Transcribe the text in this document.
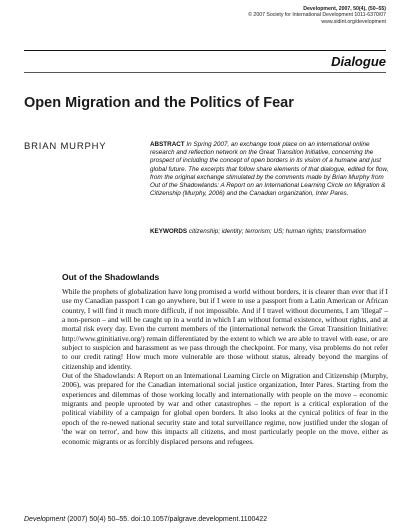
Development, 2007, 50(4), (50–55)
© 2007 Society for International Development 1011-6370/07
www.sidint.org/development
Dialogue
Open Migration and the Politics of Fear
BRIAN MURPHY	ABSTRACT In Spring 2007, an exchange took place on an international online research and reflection network on the Great Transition Initiative, concerning the prospect of including the concept of open borders in its vision of a humane and just global future. The excerpts that follow share elements of that dialogue, edited for flow, from the original exchange stimulated by the comments made by Brian Murphy from Out of the Shadowlands: A Report on an International Learning Circle on Migration & Citizenship (Murphy, 2006) and the Canadian organization, Inter Pares.
KEYWORDS citizenship; identity; terrorism; US; human rights; transformation
Out of the Shadowlands

While the prophets of globalization have long promised a world without borders, it is clearer than ever that if I use my Canadian passport I can go anywhere, but if I were to use a passport from a Latin American or African country, I will find it much more difficult, if not impossible. And if I travel without documents, I am 'illegal' – a non-person – and will be caught up in a world in which I am without formal existence, without rights, and at mortal risk every day. Even the current members of the (international network the Great Transition Initiative: http://www.gtinitiative.org/) remain differentiated by the extent to which we are able to travel with ease, or are subject to suspicion and harassment as we pass through the checkpoint. For many, visa problems do not refer to our credit rating! How much more vulnerable are those without status, already beyond the margins of citizenship and identity.

Out of the Shadowlands: A Report on an International Learning Circle on Migration and Citizenship (Murphy, 2006), was prepared for the Canadian international social justice organization, Inter Pares. Starting from the experiences and dilemmas of those working locally and internationally with people on the move – economic migrants and people uprooted by war and other catastrophes – the report is a critical exploration of the political viability of a campaign for global open borders. It also looks at the cynical politics of fear in the epoch of the re-newed national security state and total surveillance regime, now justified under the slogan of 'the war on terror', and how this impacts all citizens, and most particularly people on the move, either as economic migrants or as forcibly displaced persons and refugees.

Development (2007) 50(4) 50–55. doi:10.1057/palgrave.development.1100422
